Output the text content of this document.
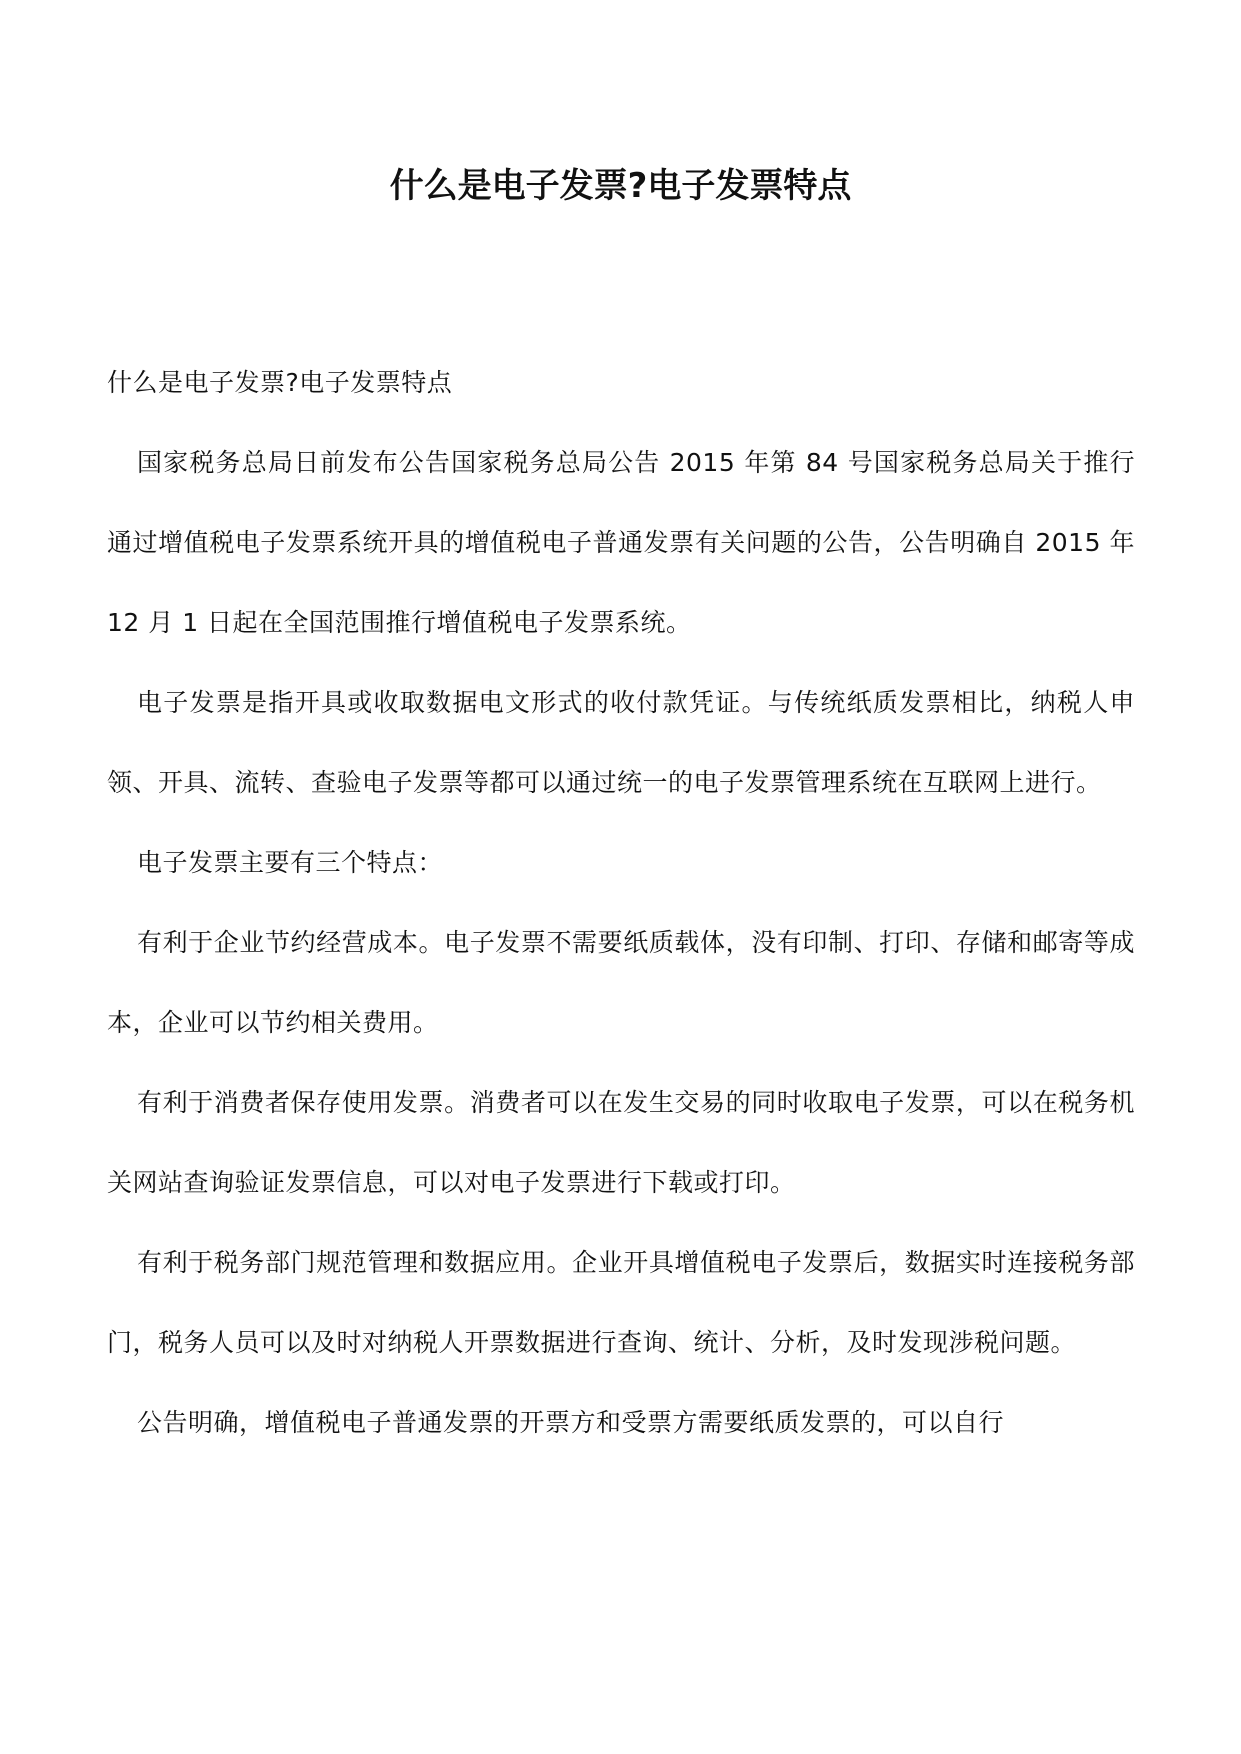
什么是电子发票?电子发票特点

什么是电子发票?电子发票特点

国家税务总局日前发布公告国家税务总局公告 2015 年第 84 号国家税务总局关于推行通过增值税电子发票系统开具的增值税电子普通发票有关问题的公告，公告明确自 2015 年 12 月 1 日起在全国范围推行增值税电子发票系统。

电子发票是指开具或收取数据电文形式的收付款凭证。与传统纸质发票相比，纳税人申领、开具、流转、查验电子发票等都可以通过统一的电子发票管理系统在互联网上进行。

电子发票主要有三个特点：

有利于企业节约经营成本。电子发票不需要纸质载体，没有印制、打印、存储和邮寄等成本，企业可以节约相关费用。

有利于消费者保存使用发票。消费者可以在发生交易的同时收取电子发票，可以在税务机关网站查询验证发票信息，可以对电子发票进行下载或打印。

有利于税务部门规范管理和数据应用。企业开具增值税电子发票后，数据实时连接税务部门，税务人员可以及时对纳税人开票数据进行查询、统计、分析，及时发现涉税问题。

公告明确，增值税电子普通发票的开票方和受票方需要纸质发票的，可以自行
